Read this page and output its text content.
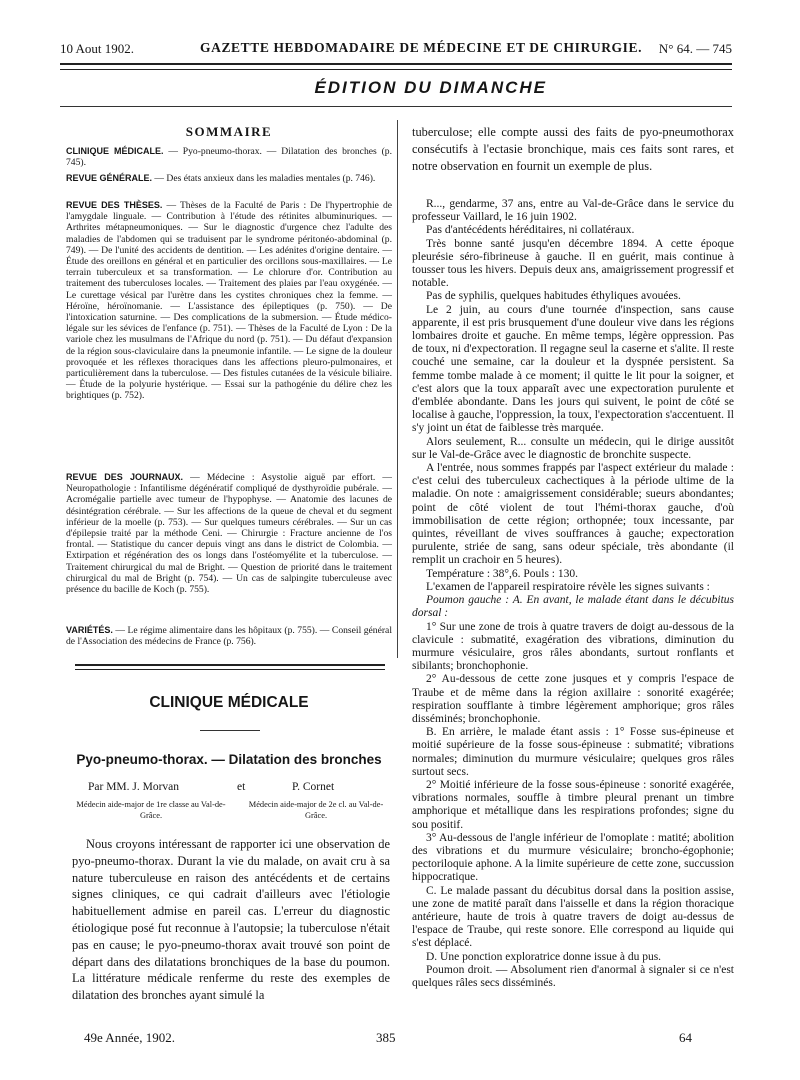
10 Aout 1902.	GAZETTE HEBDOMADAIRE DE MÉDECINE ET DE CHIRURGIE. N° 64. — 745
ÉDITION DU DIMANCHE
SOMMAIRE
CLINIQUE MÉDICALE. — Pyo-pneumo-thorax. — Dilatation des bronches (p. 745).
REVUE GÉNÉRALE. — Des états anxieux dans les maladies mentales (p. 746).
REVUE DES THÈSES. — Thèses de la Faculté de Paris : De l'hypertrophie de l'amygdale linguale. — Contribution à l'étude des rétinites albuminuriques. — Arthrites métapneumoniques. — Sur le diagnostic d'urgence chez l'adulte des maladies de l'abdomen qui se traduisent par le syndrome péritonéo-abdominal (p. 749). — De l'unité des accidents de dentition. — Les adénites d'origine dentaire. — Étude des oreillons en général et en particulier des orcillons sous-maxillaires. — Le terrain tuberculeux et sa transformation. — Le chlorure d'or. Contribution au traitement des tuberculoses locales. — Traitement des plaies par l'eau oxygénée. — Le curettage vésical par l'urètre dans les cystites chroniques chez la femme. — Héroïne, héroïnomanie. — L'assistance des épileptiques (p. 750). — De l'intoxication saturnine. — Des complications de la submersion. — Étude médico-légale sur les sévices de l'enfance (p. 751). — Thèses de la Faculté de Lyon : De la variole chez les musulmans de l'Afrique du nord (p. 751). — Du défaut d'expansion de la région sous-claviculaire dans la pneumonie infantile. — Le signe de la douleur provoquée et les réflexes thoraciques dans les affections pleuro-pulmonaires, et particulièrement dans la tuberculose. — Des fistules cutanées de la vésicule biliaire. — Étude de la polyurie hystérique. — Essai sur la pathogénie du délire chez les brightiques (p. 752).
REVUE DES JOURNAUX. — Médecine : Asystolie aiguë par effort. — Neuropathologie : Infantilisme dégénératif compliqué de dysthyroïdie pubérale. — Acromégalie partielle avec tumeur de l'hypophyse. — Anatomie des lacunes de désintégration cérébrale. — Sur les affections de la queue de cheval et du segment inférieur de la moelle (p. 753). — Sur quelques tumeurs cérébrales. — Sur un cas d'épilepsie traité par la méthode Ceni. — Chirurgie : Fracture ancienne de l'os frontal. — Statistique du cancer depuis vingt ans dans le district de Colombia. — Extirpation et régénération des os longs dans l'ostéomyélite et la tuberculose. — Traitement chirurgical du mal de Bright. — Question de priorité dans le traitement chirurgical du mal de Bright (p. 754). — Un cas de salpingite tuberculeuse avec présence du bacille de Koch (p. 755).
VARIÉTÉS. — Le régime alimentaire dans les hôpitaux (p. 755). — Conseil général de l'Association des médecins de France (p. 756).
CLINIQUE MÉDICALE
Pyo-pneumo-thorax. — Dilatation des bronches
Par MM. J. Morvan	et	P. Cornet
Médecin aide-major de 1re classe au Val-de-Grâce.
Médecin aide-major de 2e cl. au Val-de-Grâce.
Nous croyons intéressant de rapporter ici une observation de pyo-pneumo-thorax. Durant la vie du malade, on avait cru à sa nature tuberculeuse en raison des antécédents et de certains signes cliniques, ce qui cadrait d'ailleurs avec l'étiologie habituellement admise en pareil cas. L'erreur du diagnostic étiologique posé fut reconnue à l'autopsie; la tuberculose n'était pas en cause; le pyo-pneumo-thorax avait trouvé son point de départ dans des dilatations bronchiques de la base du poumon. La littérature médicale renferme du reste des exemples de dilatation des bronches ayant simulé la
tuberculose; elle compte aussi des faits de pyo-pneumothorax consécutifs à l'ectasie bronchique, mais ces faits sont rares, et notre observation en fournit un exemple de plus.

R..., gendarme, 37 ans, entre au Val-de-Grâce dans le service du professeur Vaillard, le 16 juin 1902.

Pas d'antécédents héréditaires, ni collatéraux.

Très bonne santé jusqu'en décembre 1894. A cette époque pleurésie séro-fibrineuse à gauche. Il en guérit, mais continue à tousser tous les hivers. Depuis deux ans, amaigrissement progressif et notable.

Pas de syphilis, quelques habitudes éthyliques avouées.

Le 2 juin, au cours d'une tournée d'inspection, sans cause apparente, il est pris brusquement d'une douleur vive dans les régions lombaires droite et gauche. En même temps, légère oppression. Pas de toux, ni d'expectoration. Il regagne seul la caserne et s'alite. Il reste couché une semaine, car la douleur et la dyspnée persistent. Sa femme tombe malade à ce moment; il quitte le lit pour la soigner, et c'est alors que la toux apparaît avec une expectoration purulente et d'emblée abondante. Dans les jours qui suivent, le point de côté se localise à gauche, l'oppression, la toux, l'expectoration s'accentuent. Il s'y joint un état de faiblesse très marquée.

Alors seulement, R... consulte un médecin, qui le dirige aussitôt sur le Val-de-Grâce avec le diagnostic de bronchite suspecte.

A l'entrée, nous sommes frappés par l'aspect extérieur du malade : c'est celui des tuberculeux cachectiques à la période ultime de la maladie. On note : amaigrissement considérable; sueurs abondantes; point de côté violent de tout l'hémi-thorax gauche, d'où immobilisation de cette région; orthopnée; toux incessante, par quintes, réveillant de vives souffrances à gauche; expectoration purulente, striée de sang, sans odeur spéciale, très abondante (il remplit un crachoir en 5 heures).

Température : 38°,6. Pouls : 130.

L'examen de l'appareil respiratoire révèle les signes suivants :

Poumon gauche : A. En avant, le malade étant dans le décubitus dorsal :

1° Sur une zone de trois à quatre travers de doigt au-dessous de la clavicule : submatité, exagération des vibrations, diminution du murmure vésiculaire, gros râles abondants, surtout ronflants et sibilants; bronchophonie.

2° Au-dessous de cette zone jusques et y compris l'espace de Traube et de même dans la région axillaire : sonorité exagérée; respiration soufflante à timbre légèrement amphorique; gros râles disséminés; bronchophonie.

B. En arrière, le malade étant assis : 1° Fosse sus-épineuse et moitié supérieure de la fosse sous-épineuse : submatité; vibrations normales; diminution du murmure vésiculaire; quelques gros râles surtout secs.

2° Moitié inférieure de la fosse sous-épineuse : sonorité exagérée, vibrations normales, souffle à timbre pleural prenant un timbre amphorique et métallique dans les respirations profondes; signe du sou positif.

3° Au-dessous de l'angle inférieur de l'omoplate : matité; abolition des vibrations et du murmure vésiculaire; broncho-égophonie; pectoriloquie aphone. A la limite supérieure de cette zone, succussion hippocratique.

C. Le malade passant du décubitus dorsal dans la position assise, une zone de matité paraît dans l'aisselle et dans la région thoracique antérieure, haute de trois à quatre travers de doigt au-dessus de l'espace de Traube, qui reste sonore. Elle correspond au liquide qui s'est déplacé.

D. Une ponction exploratrice donne issue à du pus.

Poumon droit. — Absolument rien d'anormal à signaler si ce n'est quelques râles secs disséminés.

49e Année, 1902.	385	64
